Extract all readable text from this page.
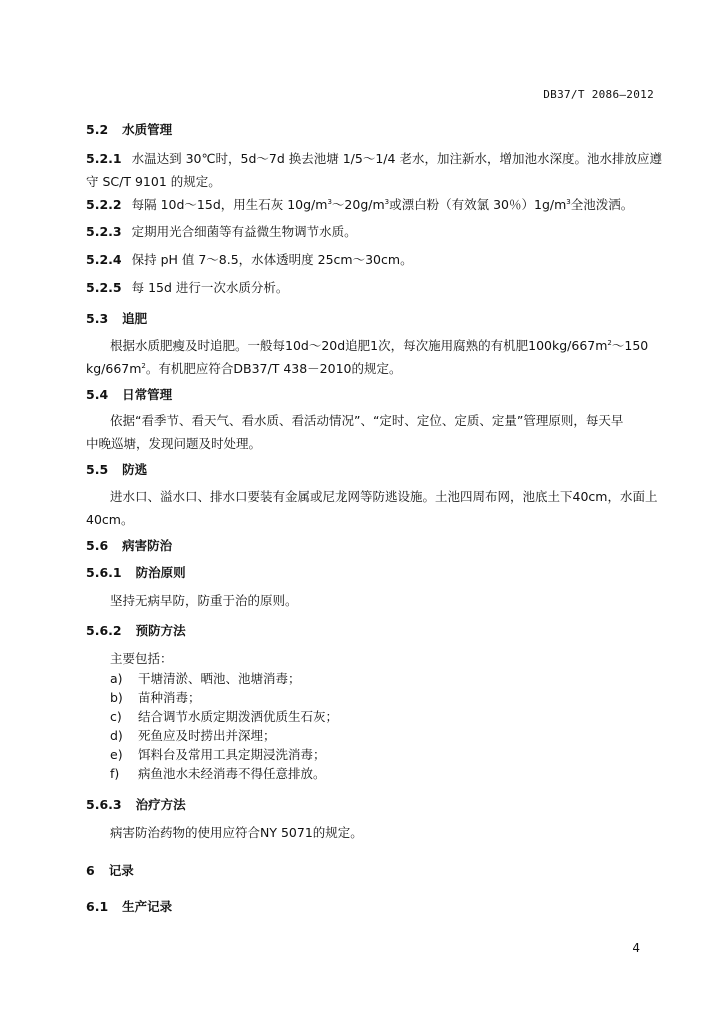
DB37/T 2086—2012
5.2 水质管理
5.2.1 水温达到 30℃时，5d～7d 换去池塘 1/5～1/4 老水，加注新水，增加池水深度。池水排放应遵
守 SC/T 9101 的规定。
5.2.2 每隔 10d～15d，用生石灰 $10g/m^3\sim 20g/m^3$或漂白粉（有效氯 30％）$1g/m^3$全池泼洒。
5.2.3 定期用光合细菌等有益微生物调节水质。
5.2.4 保持 pH 值 7～8.5，水体透明度 25cm～30cm。
5.2.5 每 15d 进行一次水质分析。
5.3 追肥
根据水质肥瘦及时追肥。一般每10d～20d追肥1次，每次施用腐熟的有机肥$100kg/667m^2\sim 150$
$kg/667m^2$。有机肥应符合DB37/T 438－2010的规定。
5.4 日常管理
依据“看季节、看天气、看水质、看活动情况”、“定时、定位、定质、定量”管理原则，每天早
中晚巡塘，发现问题及时处理。
5.5 防逃
进水口、溢水口、排水口要装有金属或尼龙网等防逃设施。土池四周布网，池底土下40cm，水面上
40cm。
5.6 病害防治
5.6.1 防治原则
坚持无病早防，防重于治的原则。
5.6.2 预防方法
主要包括：
a) 干塘清淤、晒池、池塘消毒；
b) 苗种消毒；
c) 结合调节水质定期泼洒优质生石灰；
d) 死鱼应及时捞出并深埋；
e) 饵料台及常用工具定期浸洗消毒；
f) 病鱼池水未经消毒不得任意排放。
5.6.3 治疗方法
病害防治药物的使用应符合NY 5071的规定。
6 记录
6.1 生产记录
4
